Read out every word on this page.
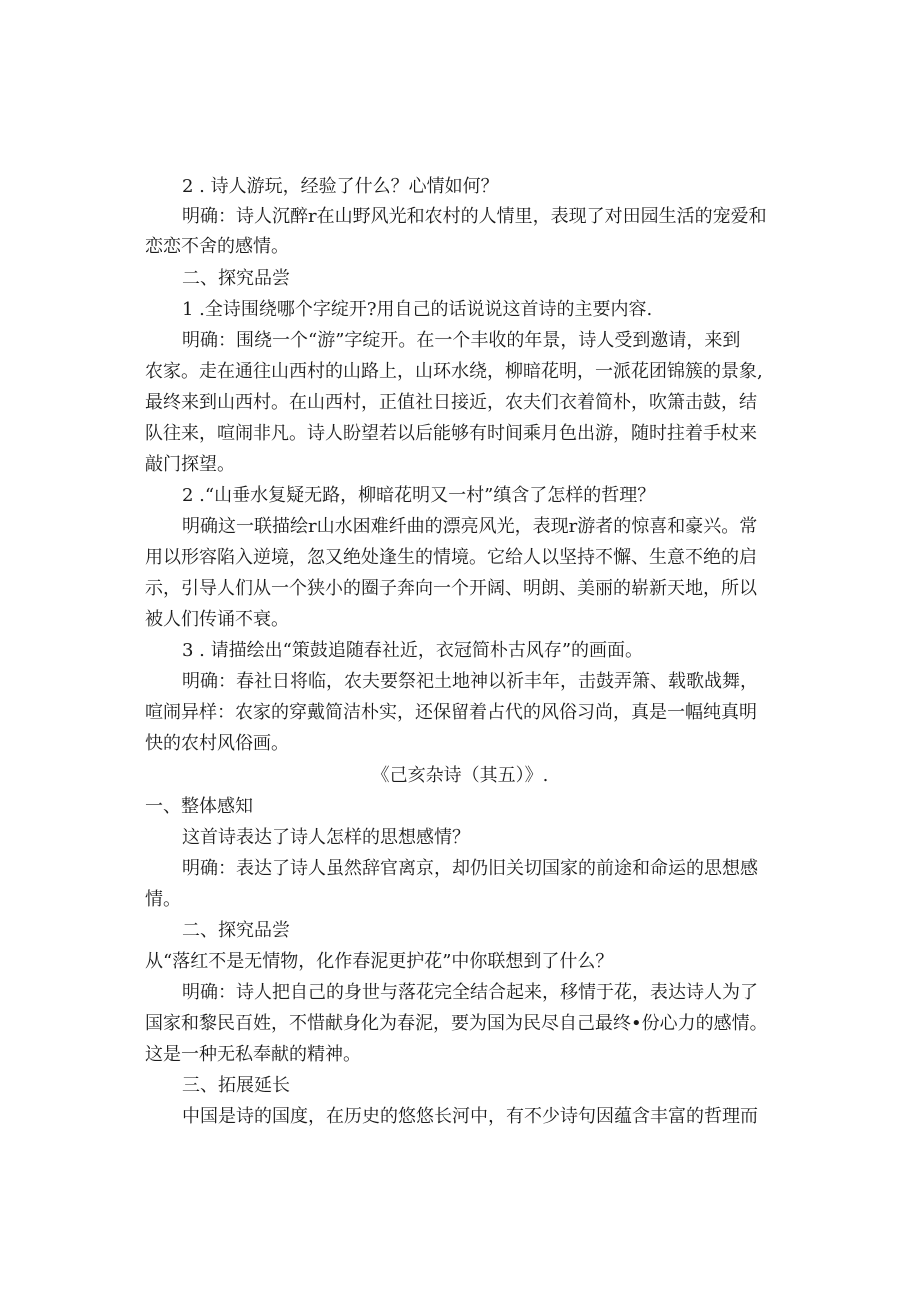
2 . 诗人游玩，经验了什么？心情如何？
明确：诗人沉醉r在山野风光和农村的人情里，表现了对田园生活的宠爱和
恋恋不舍的感情。
二、探究品尝
1 .全诗围绕哪个字绽开?用自己的话说说这首诗的主要内容.
明确：围绕一个“游”字绽开。在一个丰收的年景，诗人受到邀请，来到
农家。走在通往山西村的山路上，山环水绕，柳暗花明，一派花团锦簇的景象,
最终来到山西村。在山西村，正值社日接近，农夫们衣着简朴，吹箫击鼓，结
队往来，喧闹非凡。诗人盼望若以后能够有时间乘月色出游，随时拄着手杖来
敲门探望。
2 .“山垂水复疑无路，柳暗花明又一村”缜含了怎样的哲理？
明确这一联描绘r山水困难纤曲的漂亮风光，表现r游者的惊喜和豪兴。常
用以形容陷入逆境，忽又绝处逢生的情境。它给人以坚持不懈、生意不绝的启
示，引导人们从一个狭小的圈子奔向一个开阔、明朗、美丽的崭新天地，所以
被人们传诵不衰。
3 . 请描绘出“策鼓追随春社近，衣冠简朴古风存”的画面。
明确：春社日将临，农夫要祭祀土地神以祈丰年，击鼓弄箫、载歌战舞，
喧闹异样：农家的穿戴简洁朴实，还保留着占代的风俗习尚，真是一幅纯真明
快的农村风俗画。
《己亥杂诗（其五）》.
一、整体感知
这首诗表达了诗人怎样的思想感情？
明确：表达了诗人虽然辞官离京，却仍旧关切国家的前途和命运的思想感
情。
二、探究品尝
从“落红不是无情物，化作春泥更护花”中你联想到了什么？
明确：诗人把自己的身世与落花完全结合起来，移情于花，表达诗人为了
国家和黎民百姓，不惜献身化为春泥，要为国为民尽自己最终•份心力的感情。
这是一种无私奉献的精神。
三、拓展延长
中国是诗的国度，在历史的悠悠长河中，有不少诗句因蕴含丰富的哲理而
